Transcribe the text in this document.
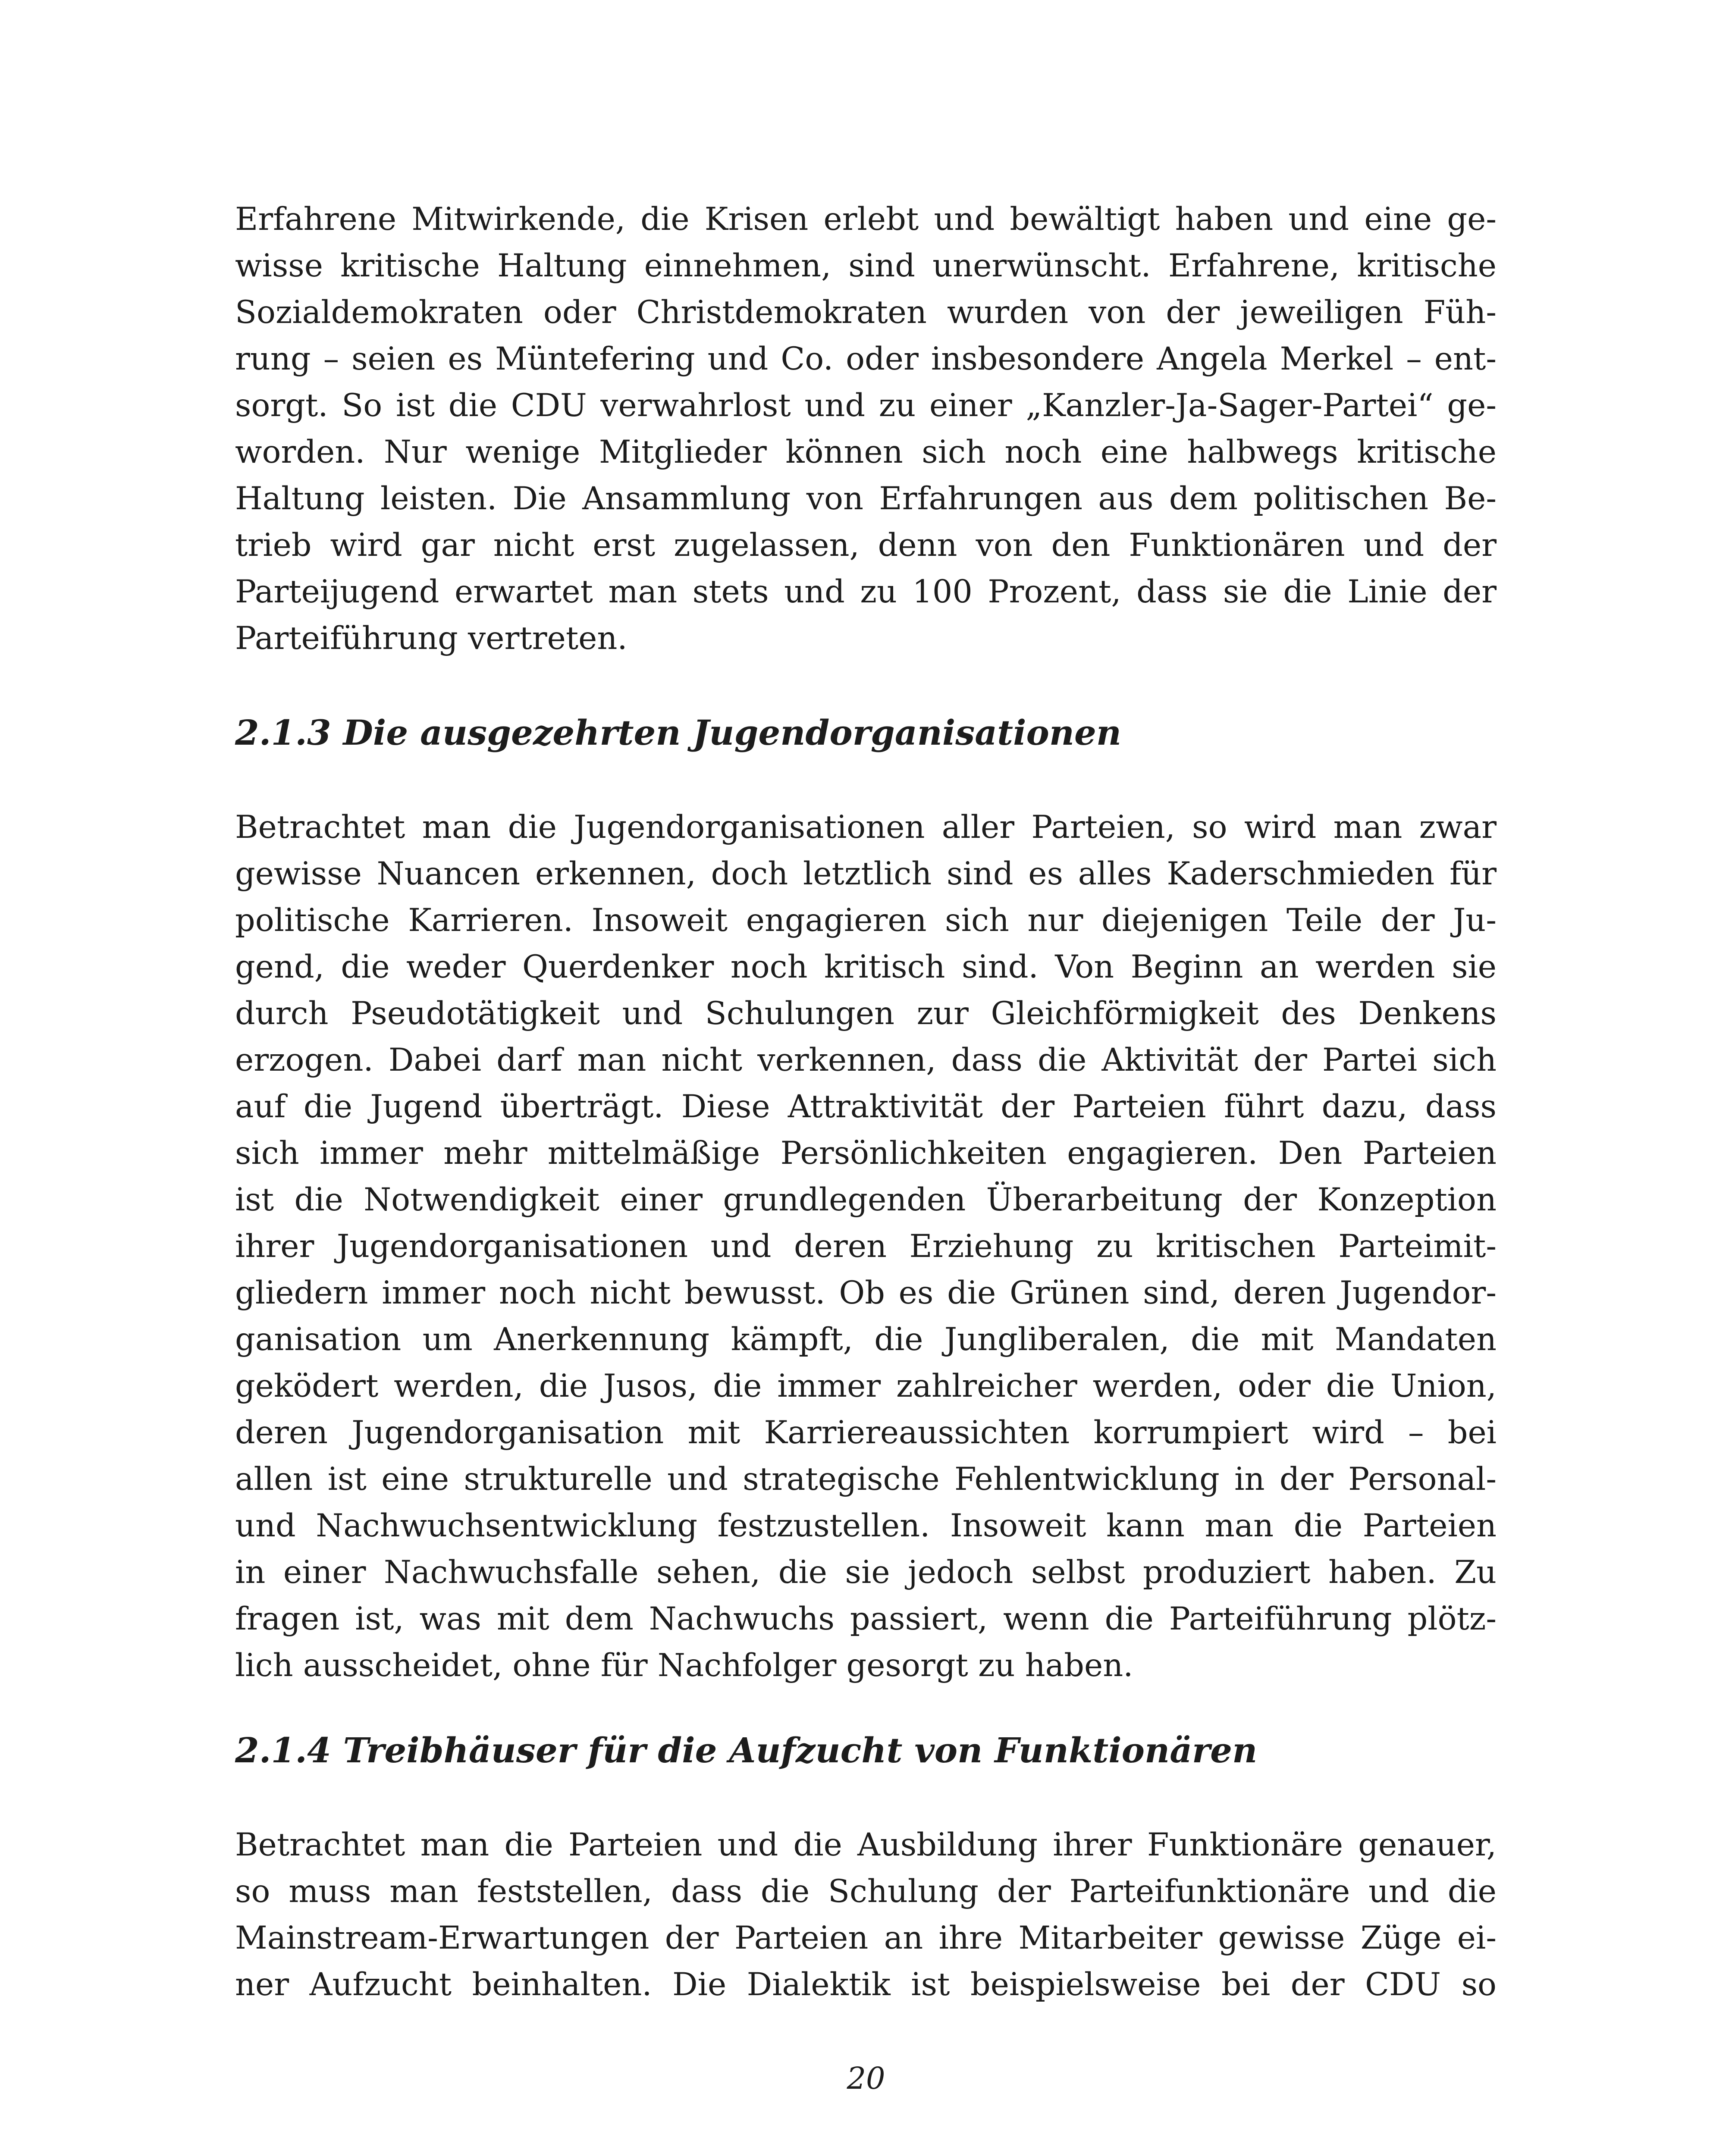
Erfahrene Mitwirkende, die Krisen erlebt und bewältigt haben und eine ge-
wisse kritische Haltung einnehmen, sind unerwünscht. Erfahrene, kritische
Sozialdemokraten oder Christdemokraten wurden von der jeweiligen Füh-
rung – seien es Müntefering und Co. oder insbesondere Angela Merkel – ent-
sorgt. So ist die CDU verwahrlost und zu einer „Kanzler-Ja-Sager-Partei“ ge-
worden. Nur wenige Mitglieder können sich noch eine halbwegs kritische
Haltung leisten. Die Ansammlung von Erfahrungen aus dem politischen Be-
trieb wird gar nicht erst zugelassen, denn von den Funktionären und der
Parteijugend erwartet man stets und zu 100 Prozent, dass sie die Linie der
Parteiführung vertreten.

2.1.3 Die ausgezehrten Jugendorganisationen

Betrachtet man die Jugendorganisationen aller Parteien, so wird man zwar
gewisse Nuancen erkennen, doch letztlich sind es alles Kaderschmieden für
politische Karrieren. Insoweit engagieren sich nur diejenigen Teile der Ju-
gend, die weder Querdenker noch kritisch sind. Von Beginn an werden sie
durch Pseudotätigkeit und Schulungen zur Gleichförmigkeit des Denkens
erzogen. Dabei darf man nicht verkennen, dass die Aktivität der Partei sich
auf die Jugend überträgt. Diese Attraktivität der Parteien führt dazu, dass
sich immer mehr mittelmäßige Persönlichkeiten engagieren. Den Parteien
ist die Notwendigkeit einer grundlegenden Überarbeitung der Konzeption
ihrer Jugendorganisationen und deren Erziehung zu kritischen Parteimit-
gliedern immer noch nicht bewusst. Ob es die Grünen sind, deren Jugendor-
ganisation um Anerkennung kämpft, die Jungliberalen, die mit Mandaten
geködert werden, die Jusos, die immer zahlreicher werden, oder die Union,
deren Jugendorganisation mit Karriereaussichten korrumpiert wird – bei
allen ist eine strukturelle und strategische Fehlentwicklung in der Personal-
und Nachwuchsentwicklung festzustellen. Insoweit kann man die Parteien
in einer Nachwuchsfalle sehen, die sie jedoch selbst produziert haben. Zu
fragen ist, was mit dem Nachwuchs passiert, wenn die Parteiführung plötz-
lich ausscheidet, ohne für Nachfolger gesorgt zu haben.

2.1.4 Treibhäuser für die Aufzucht von Funktionären

Betrachtet man die Parteien und die Ausbildung ihrer Funktionäre genauer,
so muss man feststellen, dass die Schulung der Parteifunktionäre und die
Mainstream-Erwartungen der Parteien an ihre Mitarbeiter gewisse Züge ei-
ner Aufzucht beinhalten. Die Dialektik ist beispielsweise bei der CDU so

20
